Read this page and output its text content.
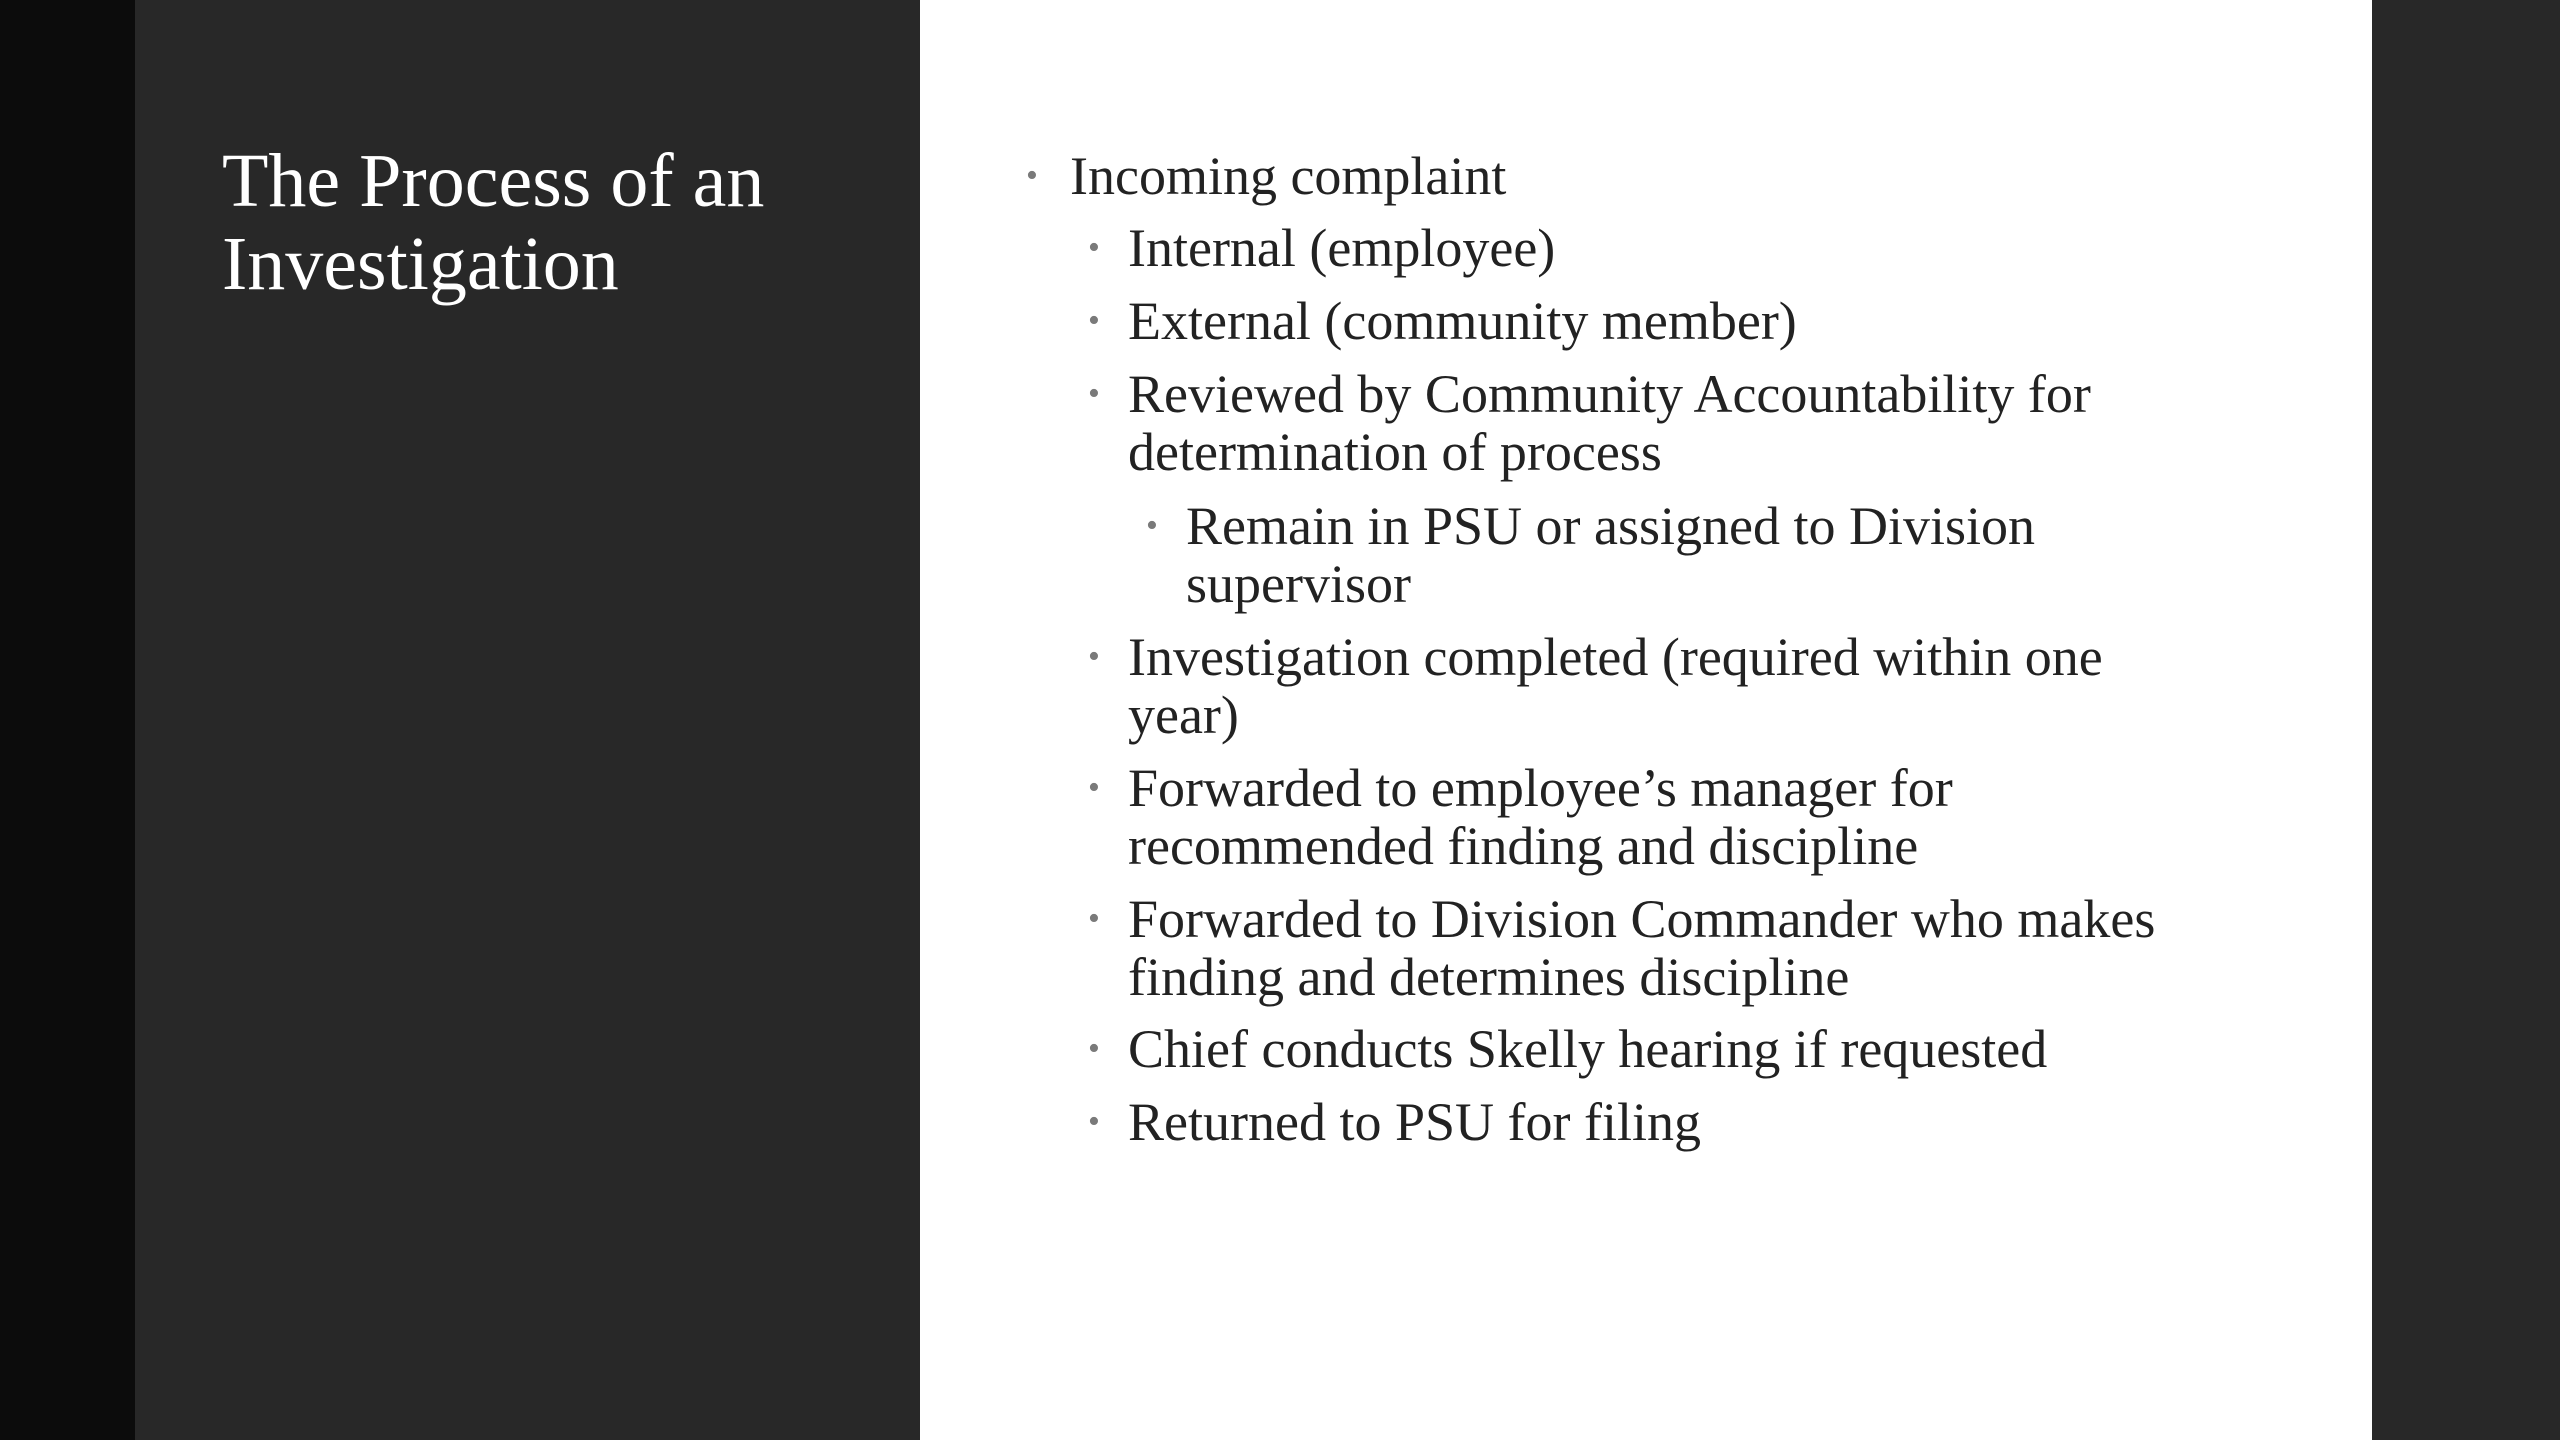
The Process of an Investigation
• Incoming complaint
• Internal (employee)
• External (community member)
• Reviewed by Community Accountability for determination of process
• Remain in PSU or assigned to Division supervisor
• Investigation completed (required within one year)
• Forwarded to employee’s manager for recommended finding and discipline
• Forwarded to Division Commander who makes finding and determines discipline
• Chief conducts Skelly hearing if requested
• Returned to PSU for filing
